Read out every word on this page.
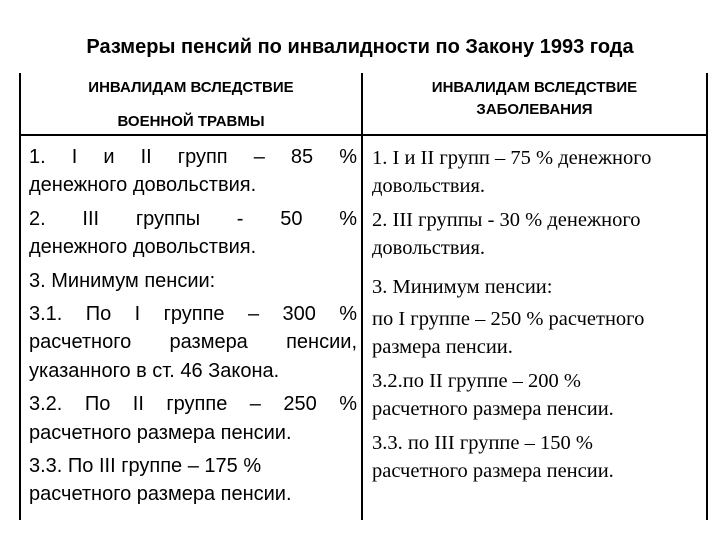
Размеры пенсий по инвалидности по Закону 1993 года
ИНВАЛИДАМ ВСЛЕДСТВИЕ
ВОЕННОЙ ТРАВМЫ
ИНВАЛИДАМ ВСЛЕДСТВИЕ
ЗАБОЛЕВАНИЯ
1. I и II групп – 85 %
денежного довольствия.
2. III группы - 50 %
денежного довольствия.
3. Минимум пенсии:
3.1. По I группе – 300 %
расчетного размера пенсии,
указанного в ст. 46 Закона.
3.2. По II группе – 250 %
расчетного размера пенсии.
3.3. По III группе – 175 %
расчетного размера пенсии.
1. I и II групп – 75 % денежного
довольствия.
2. III группы - 30 % денежного
довольствия.
3. Минимум пенсии:
по I группе – 250 % расчетного
размера пенсии.
3.2.по II группе – 200 %
расчетного размера пенсии.
3.3. по III группе – 150 %
расчетного размера пенсии.
